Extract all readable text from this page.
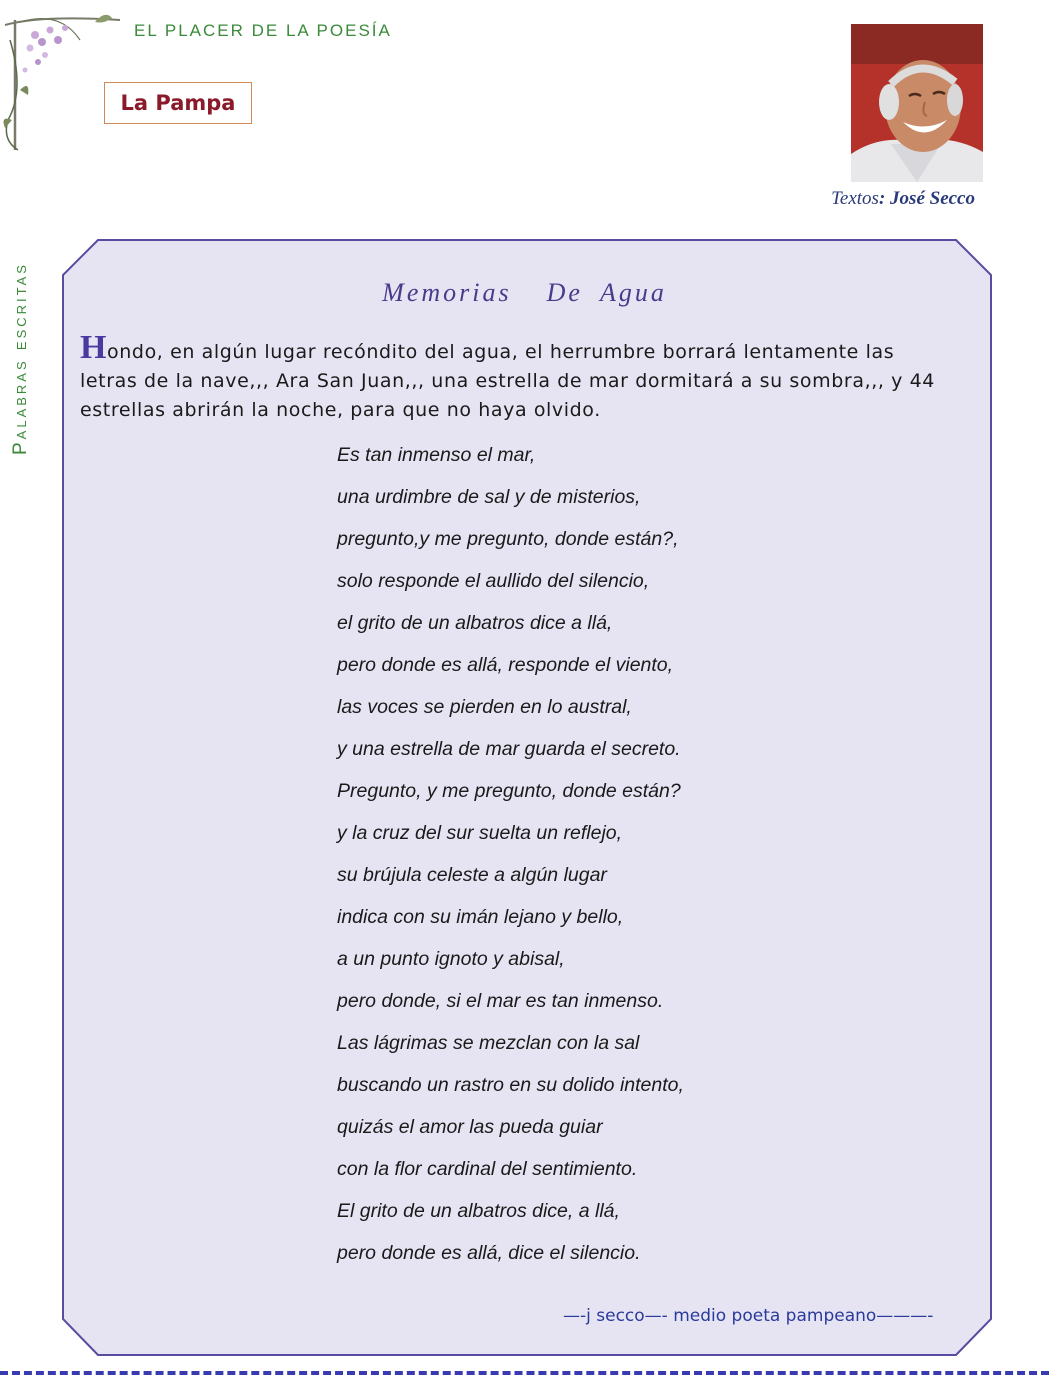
EL PLACER DE LA POESÍA
Palabras escritas
La Pampa
Textos: José Secco
Memorias  De Agua
Hondo, en algún lugar recóndito del agua, el herrumbre borrará lentamente las letras de la nave,,, Ara San Juan,,, una estrella de mar dormitará a su sombra,,, y 44 estrellas abrirán la noche, para que no haya olvido.
Es tan inmenso el mar,
una urdimbre de sal y de misterios,
pregunto,y me pregunto, donde están?,
solo responde el aullido del silencio,
el grito de un albatros dice a llá,
pero donde es allá, responde el viento,
las voces se pierden en lo austral,
y una estrella de mar guarda el secreto.
Pregunto, y me pregunto, donde están?
y la cruz del sur suelta un reflejo,
su brújula celeste a algún lugar
indica con su imán lejano y bello,
a un punto ignoto y abisal,
pero donde, si el mar es tan inmenso.
Las lágrimas se mezclan con la sal
buscando un rastro en su dolido intento,
quizás el amor las pueda guiar
con la flor cardinal del sentimiento.
El grito de un albatros dice, a llá,
pero donde es allá, dice el silencio.
—-j secco—- medio poeta pampeano———-
